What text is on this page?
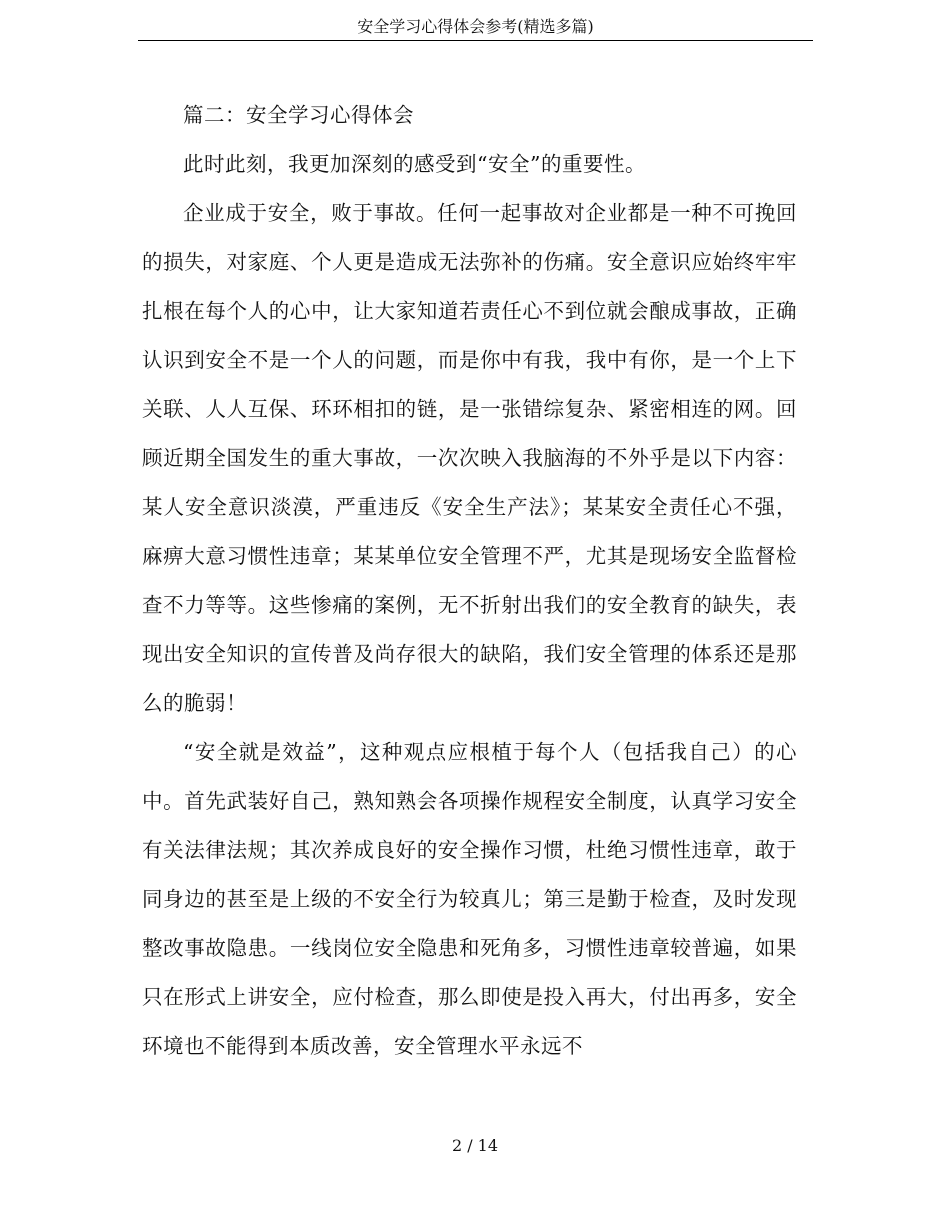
安全学习心得体会参考(精选多篇)

篇二：安全学习心得体会

此时此刻，我更加深刻的感受到“安全”的重要性。

企业成于安全，败于事故。任何一起事故对企业都是一种不可挽回的损失，对家庭、个人更是造成无法弥补的伤痛。安全意识应始终牢牢扎根在每个人的心中，让大家知道若责任心不到位就会酿成事故，正确认识到安全不是一个人的问题，而是你中有我，我中有你，是一个上下关联、人人互保、环环相扣的链，是一张错综复杂、紧密相连的网。回顾近期全国发生的重大事故，一次次映入我脑海的不外乎是以下内容：某人安全意识淡漠，严重违反《安全生产法》；某某安全责任心不强，麻痹大意习惯性违章；某某单位安全管理不严，尤其是现场安全监督检查不力等等。这些惨痛的案例，无不折射出我们的安全教育的缺失，表现出安全知识的宣传普及尚存很大的缺陷，我们安全管理的体系还是那么的脆弱！

“安全就是效益”，这种观点应根植于每个人（包括我自己）的心中。首先武装好自己，熟知熟会各项操作规程安全制度，认真学习安全有关法律法规；其次养成良好的安全操作习惯，杜绝习惯性违章，敢于同身边的甚至是上级的不安全行为较真儿；第三是勤于检查，及时发现整改事故隐患。一线岗位安全隐患和死角多，习惯性违章较普遍，如果只在形式上讲安全，应付检查，那么即使是投入再大，付出再多，安全环境也不能得到本质改善，安全管理水平永远不

2 / 14
